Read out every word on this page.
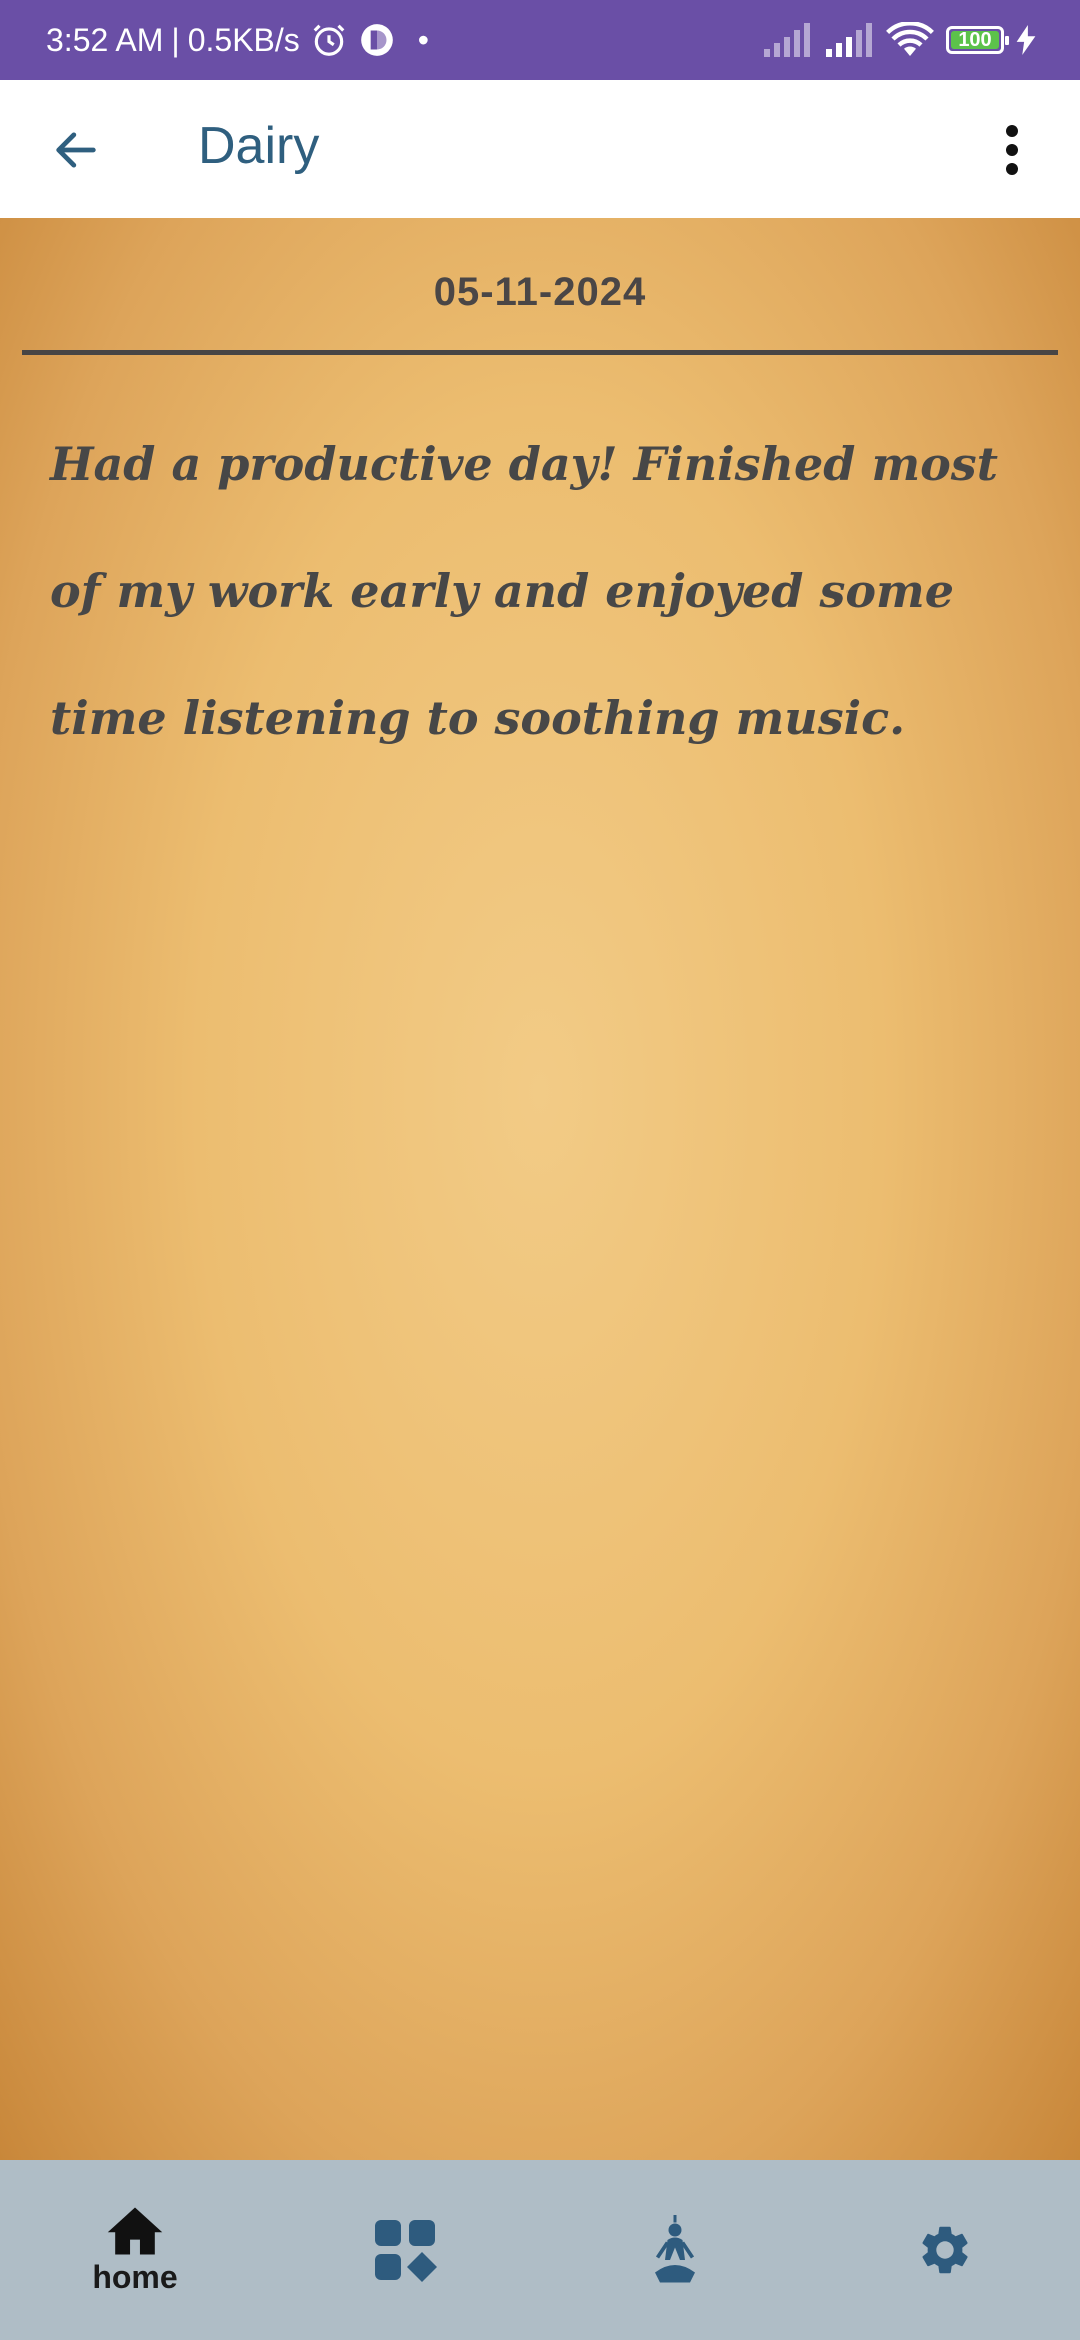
3:52 AM | 0.5KB/s	•	100
Dairy
05-11-2024
Had a productive day! Finished most of my work early and enjoyed some time listening to soothing music.
home
